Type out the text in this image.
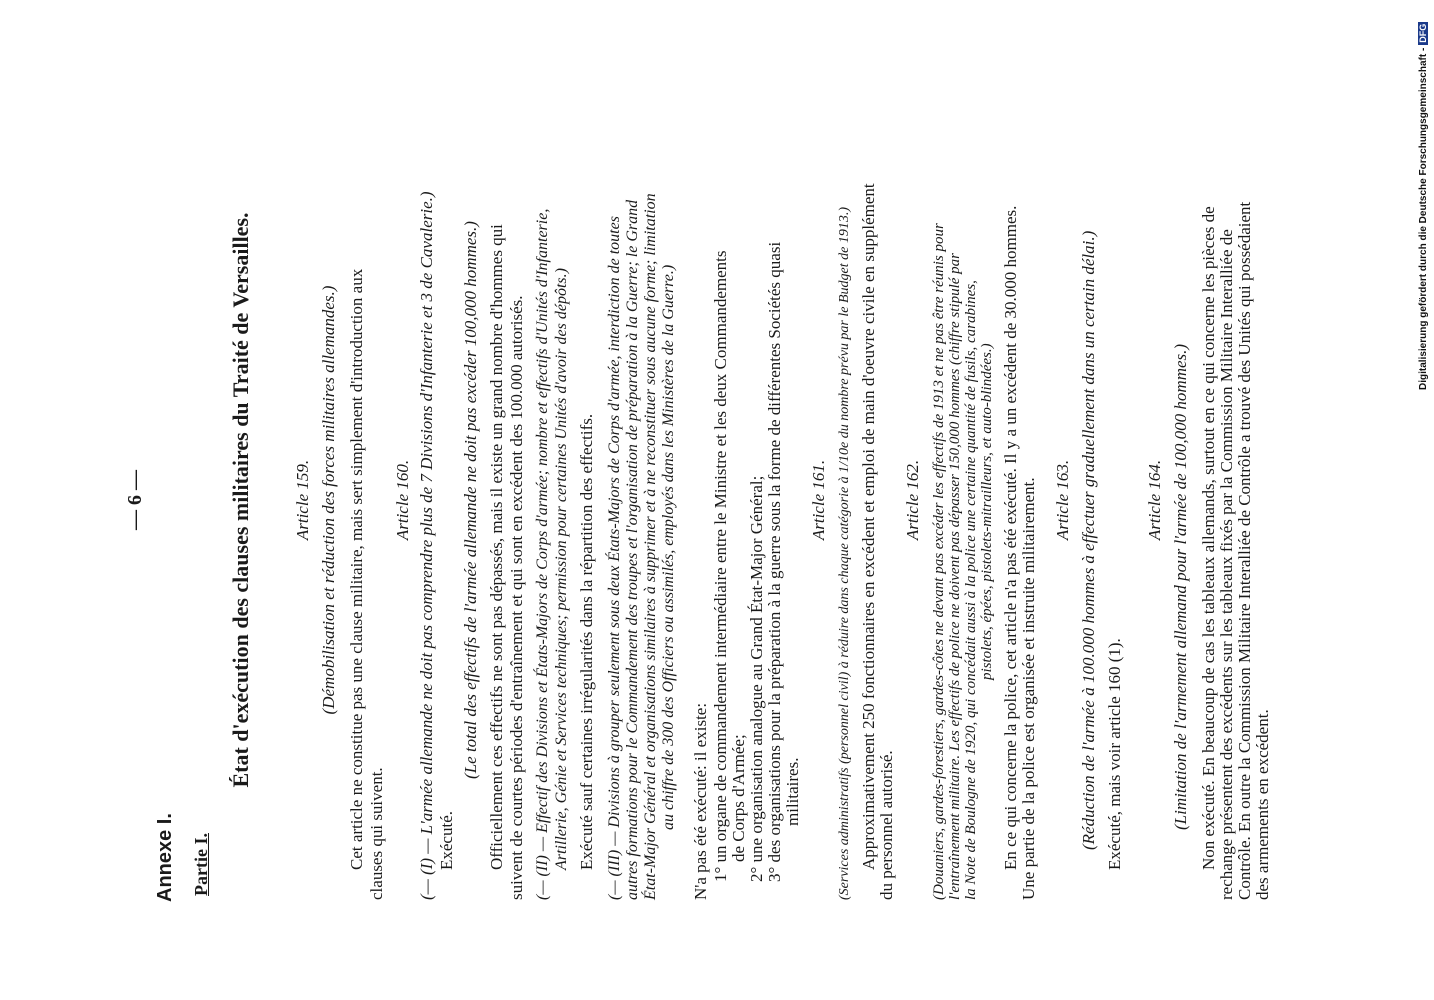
— 6 —
Annexe I. Partie I.
État d'exécution des clauses militaires du Traité de Versailles. Article 159. (Démobilisation et réduction des forces militaires allemandes.) Cet article ne constitue pas une clause militaire, mais sert simplement d'introduction aux clauses qui suivent.
Article 160. (— (I) — L'armée allemande ne doit pas comprendre plus de 7 Divisions d'Infanterie et 3 de Cavalerie.) Exécuté.
(Le total des effectifs de l'armée allemande ne doit pas excéder 100,000 hommes.) Officiellement ces effectifs ne sont pas dépassés, mais il existe un grand nombre d'hommes qui suivent de courtes périodes d'entraînement et qui sont en excédent des 100.000 autorisés. (— (II) — Effectif des Divisions et États-Majors de Corps d'armée; nombre et effectifs d'Unités d'Infanterie, Artillerie, Génie et Services techniques; permission pour certaines Unités d'avoir des dépôts.) Exécuté sauf certaines irrégularités dans la répartition des effectifs. (— (III) — Divisions à grouper seulement sous deux États-Majors de Corps d'armée, interdiction de toutes autres formations pour le Commandement des troupes et l'organisation de préparation à la Guerre; le Grand État-Major Général et organisations similaires à supprimer et à ne reconstituer sous aucune forme; limitation au chiffre de 300 des Officiers ou assimilés, employés dans les Ministères de la Guerre.) N'a pas été exécuté: il existe: 1° un organe de commandement intermédiaire entre le Ministre et les deux Commandements de Corps d'Armée; 2° une organisation analogue au Grand État-Major Général; 3° des organisations pour la préparation à la guerre sous la forme de différentes Sociétés quasi militaires.
Article 161. (Services administratifs (personnel civil) à réduire dans chaque catégorie à 1/10e du nombre prévu par le Budget de 1913.) Approximativement 250 fonctionnaires en excédent et emploi de main d'oeuvre civile en supplément du personnel autorisé.
Article 162. (Douaniers, gardes-forestiers, gardes-côtes ne devant pas excéder les effectifs de 1913 et ne pas être réunis pour l'entraînement militaire. Les effectifs de police ne doivent pas dépasser 150,000 hommes (chiffre stipulé par la Note de Boulogne de 1920, qui concédait aussi à la police une certaine quantité de fusils, carabines, pistolets, épées, pistolets-mitrailleurs, et auto-blindées.) En ce qui concerne la police, cet article n'a pas été exécuté. Il y a un excédent de 30.000 hommes. Une partie de la police est organisée et instruite militairement. Article 163. (Réduction de l'armée à 100.000 hommes à effectuer graduellement dans un certain délai.) Exécuté, mais voir article 160 (1).
Article 164. (Limitation de l'armement allemand pour l'armée de 100,000 hommes.) Non exécuté. En beaucoup de cas les tableaux allemands, surtout en ce qui concerne les pièces de rechange présentent des excédents sur les tableaux fixés par la Commission Militaire Interalliée de Contrôle. En outre la Commission Militaire Interalliée de Contrôle a trouvé des Unités qui possédaient des armements en excédent.
Digitalisierung gefördert durch die Deutsche Forschungsgemeinschaft -DFG
